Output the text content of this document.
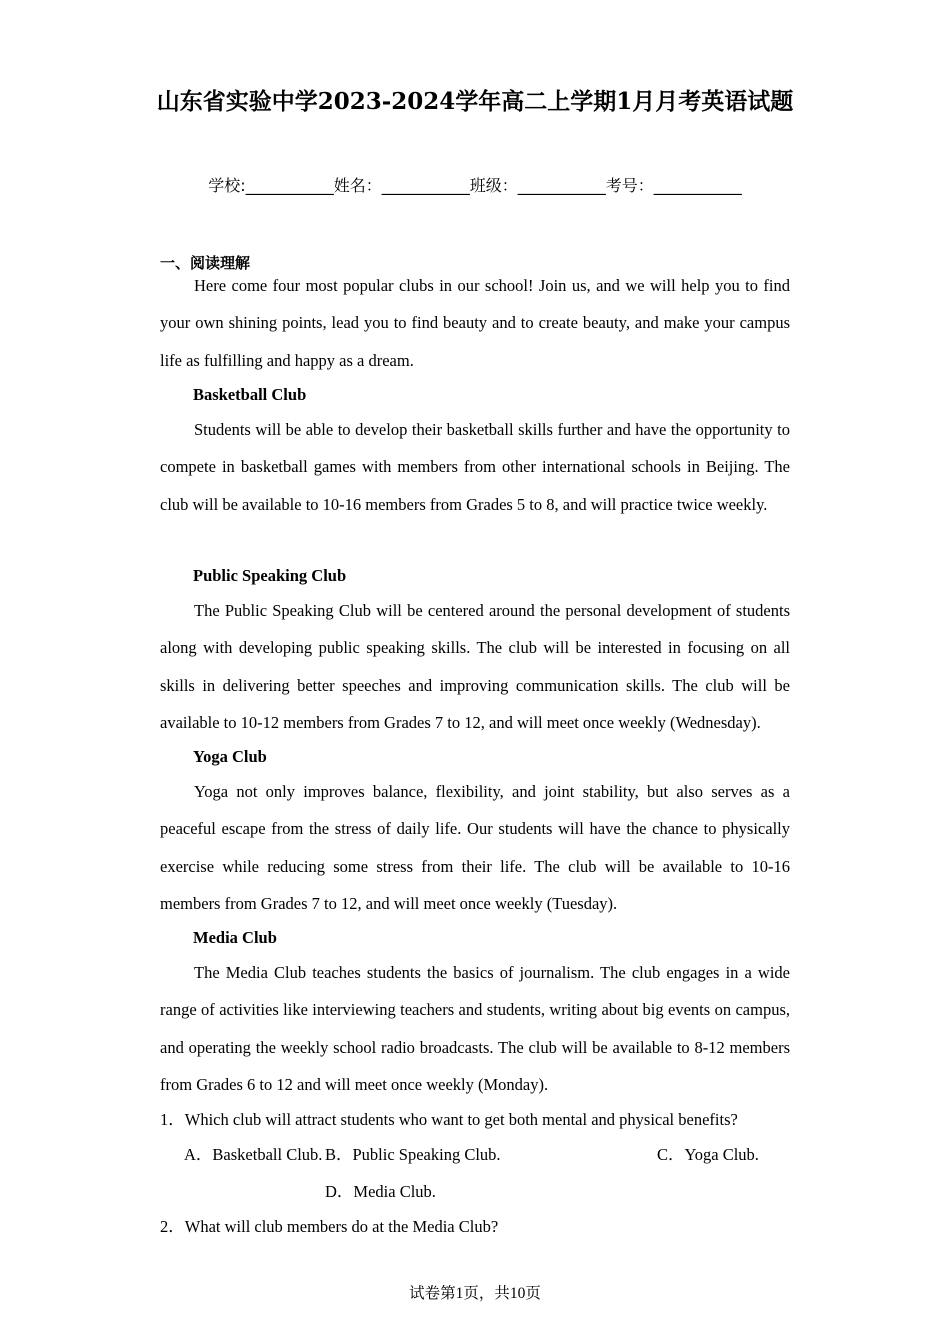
山东省实验中学2023-2024学年高二上学期1月月考英语试题
学校:___________姓名：___________班级：___________考号：___________
一、阅读理解

Here come four most popular clubs in our school! Join us, and we will help you to find your own shining points, lead you to find beauty and to create beauty, and make your campus life as fulfilling and happy as a dream.

Basketball Club

Students will be able to develop their basketball skills further and have the opportunity to compete in basketball games with members from other international schools in Beijing. The club will be available to 10-16 members from Grades 5 to 8, and will practice twice weekly.

Public Speaking Club

The Public Speaking Club will be centered around the personal development of students along with developing public speaking skills. The club will be interested in focusing on all skills in delivering better speeches and improving communication skills. The club will be available to 10-12 members from Grades 7 to 12, and will meet once weekly (Wednesday).

Yoga Club

Yoga not only improves balance, flexibility, and joint stability, but also serves as a peaceful escape from the stress of daily life. Our students will have the chance to physically exercise while reducing some stress from their life. The club will be available to 10-16 members from Grades 7 to 12, and will meet once weekly (Tuesday).

Media Club

The Media Club teaches students the basics of journalism. The club engages in a wide range of activities like interviewing teachers and students, writing about big events on campus, and operating the weekly school radio broadcasts. The club will be available to 8-12 members from Grades 6 to 12 and will meet once weekly (Monday).

1．Which club will attract students who want to get both mental and physical benefits?
A．Basketball Club. B．Public Speaking Club.	C．Yoga Club.
D．Media Club.
2．What will club members do at the Media Club?
试卷第1页，共10页
